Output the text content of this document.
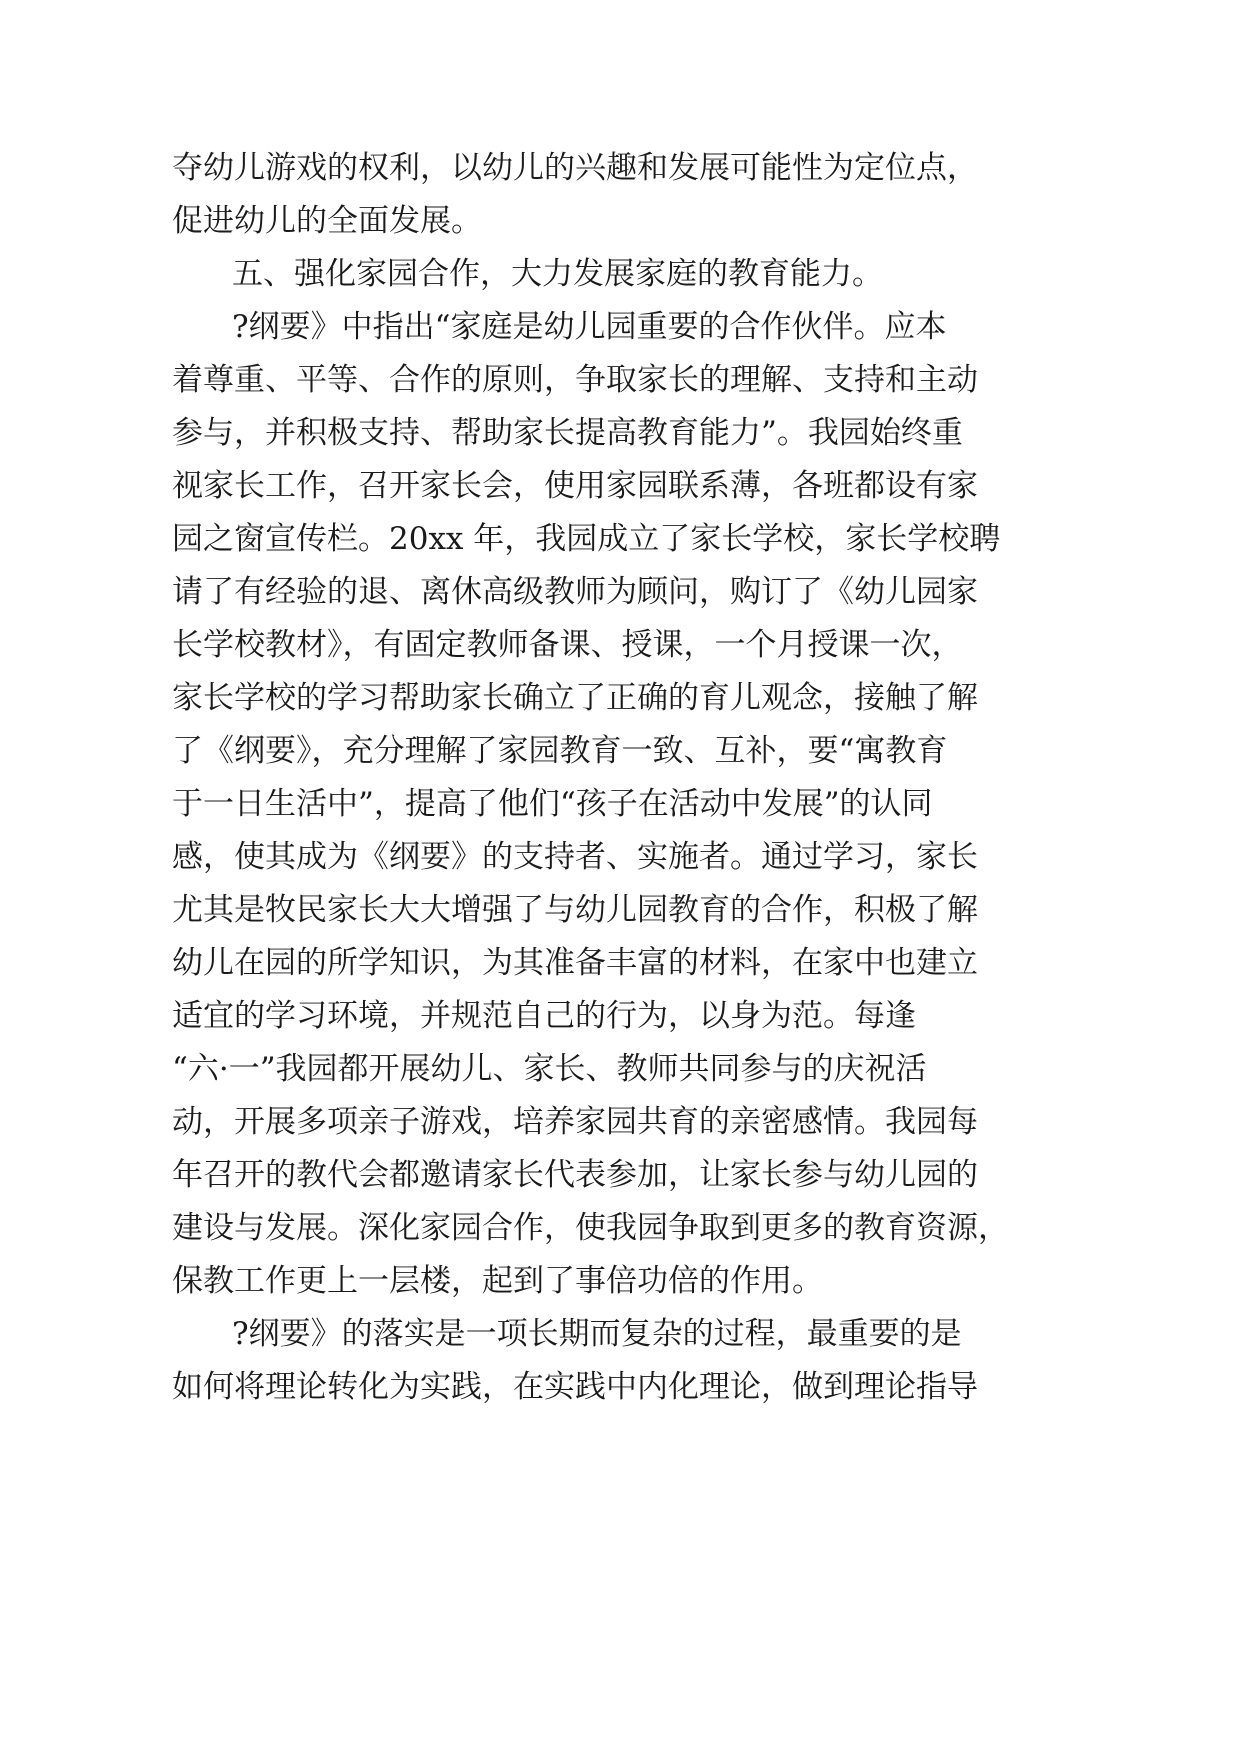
夺幼儿游戏的权利，以幼儿的兴趣和发展可能性为定位点，
促进幼儿的全面发展。
五、强化家园合作，大力发展家庭的教育能力。
?纲要》中指出“家庭是幼儿园重要的合作伙伴。应本
着尊重、平等、合作的原则，争取家长的理解、支持和主动
参与，并积极支持、帮助家长提高教育能力”。我园始终重
视家长工作，召开家长会，使用家园联系薄，各班都设有家
园之窗宣传栏。20xx 年，我园成立了家长学校，家长学校聘
请了有经验的退、离休高级教师为顾问，购订了《幼儿园家
长学校教材》，有固定教师备课、授课，一个月授课一次，
家长学校的学习帮助家长确立了正确的育儿观念，接触了解
了《纲要》，充分理解了家园教育一致、互补，要“寓教育
于一日生活中”，提高了他们“孩子在活动中发展”的认同
感，使其成为《纲要》的支持者、实施者。通过学习，家长
尤其是牧民家长大大增强了与幼儿园教育的合作，积极了解
幼儿在园的所学知识，为其准备丰富的材料，在家中也建立
适宜的学习环境，并规范自己的行为，以身为范。每逢
“六·一”我园都开展幼儿、家长、教师共同参与的庆祝活
动，开展多项亲子游戏，培养家园共育的亲密感情。我园每
年召开的教代会都邀请家长代表参加，让家长参与幼儿园的
建设与发展。深化家园合作，使我园争取到更多的教育资源，
保教工作更上一层楼，起到了事倍功倍的作用。
?纲要》的落实是一项长期而复杂的过程，最重要的是
如何将理论转化为实践，在实践中内化理论，做到理论指导
